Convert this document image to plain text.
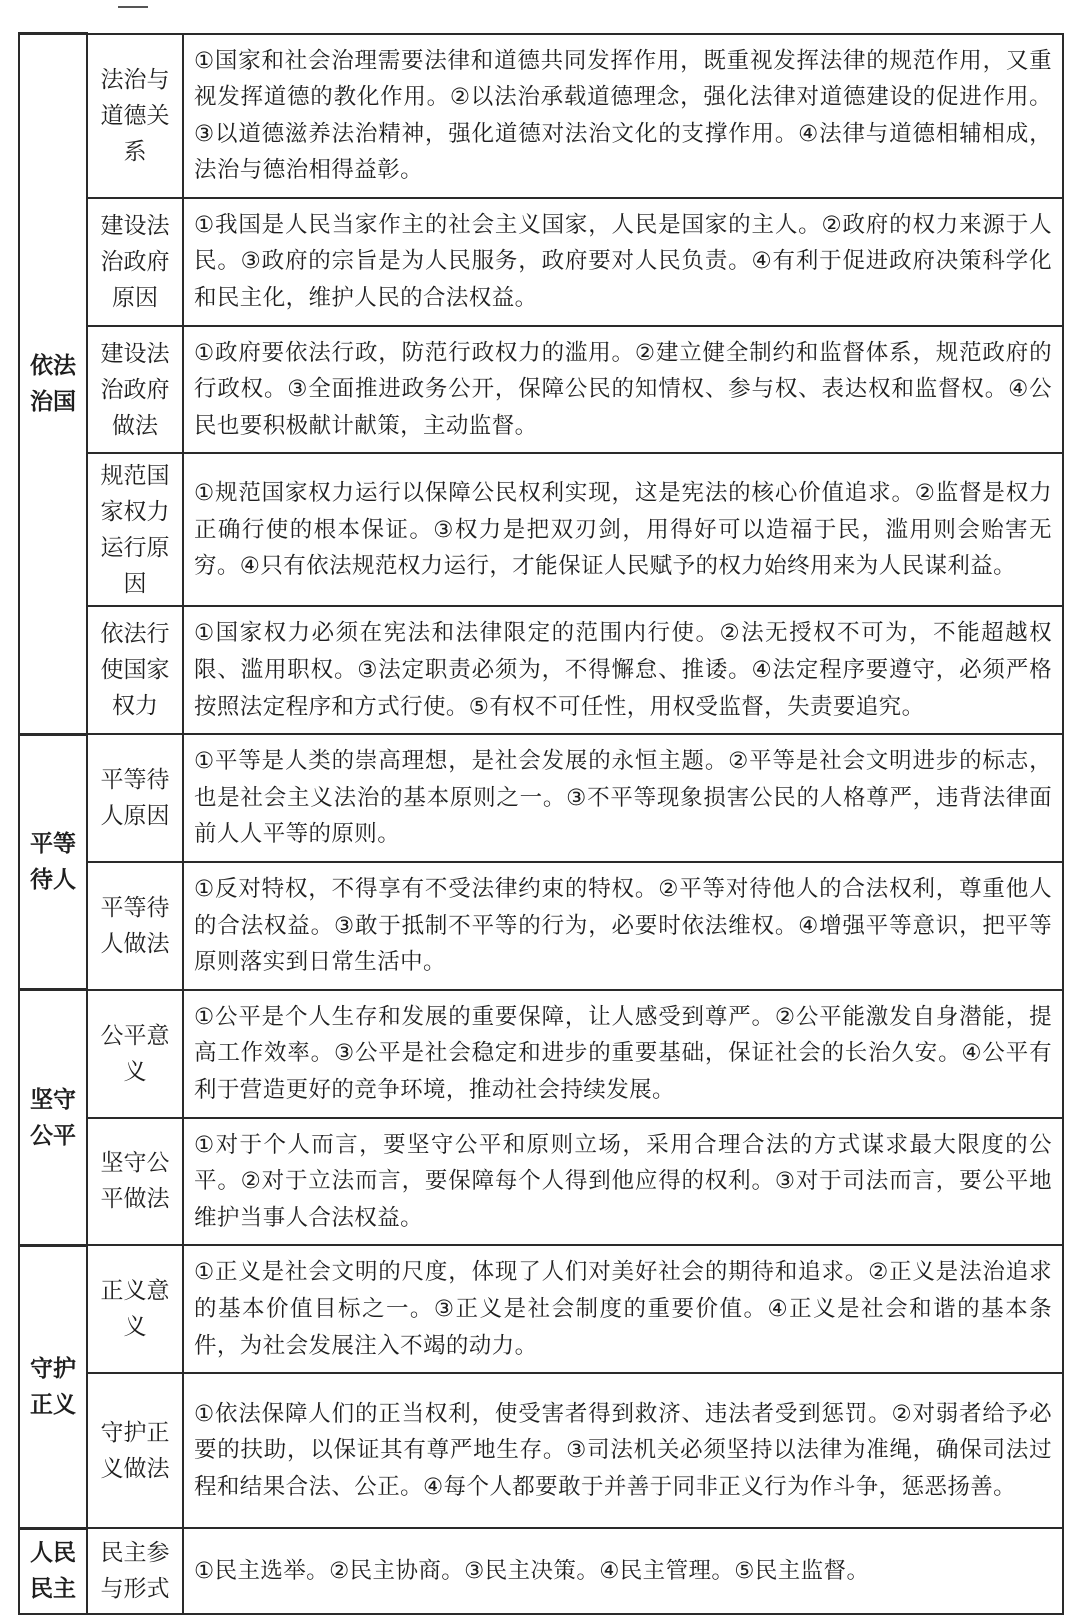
依法治国	法治与道德关系	①国家和社会治理需要法律和道德共同发挥作用，既重视发挥法律的规范作用，又重视发挥道德的教化作用。②以法治承载道德理念，强化法律对道德建设的促进作用。③以道德滋养法治精神，强化道德对法治文化的支撑作用。④法律与道德相辅相成，法治与德治相得益彰。

	建设法治政府原因	①我国是人民当家作主的社会主义国家，人民是国家的主人。②政府的权力来源于人民。③政府的宗旨是为人民服务，政府要对人民负责。④有利于促进政府决策科学化和民主化，维护人民的合法权益。

	建设法治政府做法	①政府要依法行政，防范行政权力的滥用。②建立健全制约和监督体系，规范政府的行政权。③全面推进政务公开，保障公民的知情权、参与权、表达权和监督权。④公民也要积极献计献策，主动监督。

	规范国家权力运行原因	①规范国家权力运行以保障公民权利实现，这是宪法的核心价值追求。②监督是权力正确行使的根本保证。③权力是把双刃剑，用得好可以造福于民，滥用则会贻害无穷。④只有依法规范权力运行，才能保证人民赋予的权力始终用来为人民谋利益。

	依法行使国家权力	①国家权力必须在宪法和法律限定的范围内行使。②法无授权不可为，不能超越权限、滥用职权。③法定职责必须为，不得懈怠、推诿。④法定程序要遵守，必须严格按照法定程序和方式行使。⑤有权不可任性，用权受监督，失责要追究。

平等待人	平等待人原因	①平等是人类的崇高理想，是社会发展的永恒主题。②平等是社会文明进步的标志，也是社会主义法治的基本原则之一。③不平等现象损害公民的人格尊严，违背法律面前人人平等的原则。

	平等待人做法	①反对特权，不得享有不受法律约束的特权。②平等对待他人的合法权利，尊重他人的合法权益。③敢于抵制不平等的行为，必要时依法维权。④增强平等意识，把平等原则落实到日常生活中。

坚守公平	公平意义	①公平是个人生存和发展的重要保障，让人感受到尊严。②公平能激发自身潜能，提高工作效率。③公平是社会稳定和进步的重要基础，保证社会的长治久安。④公平有利于营造更好的竞争环境，推动社会持续发展。

	坚守公平做法	①对于个人而言，要坚守公平和原则立场，采用合理合法的方式谋求最大限度的公平。②对于立法而言，要保障每个人得到他应得的权利。③对于司法而言，要公平地维护当事人合法权益。

守护正义	正义意义	①正义是社会文明的尺度，体现了人们对美好社会的期待和追求。②正义是法治追求的基本价值目标之一。③正义是社会制度的重要价值。④正义是社会和谐的基本条件，为社会发展注入不竭的动力。

	守护正义做法	①依法保障人们的正当权利，使受害者得到救济、违法者受到惩罚。②对弱者给予必要的扶助，以保证其有尊严地生存。③司法机关必须坚持以法律为准绳，确保司法过程和结果合法、公正。④每个人都要敢于并善于同非正义行为作斗争，惩恶扬善。

人民民主	民主参与形式	①民主选举。②民主协商。③民主决策。④民主管理。⑤民主监督。
